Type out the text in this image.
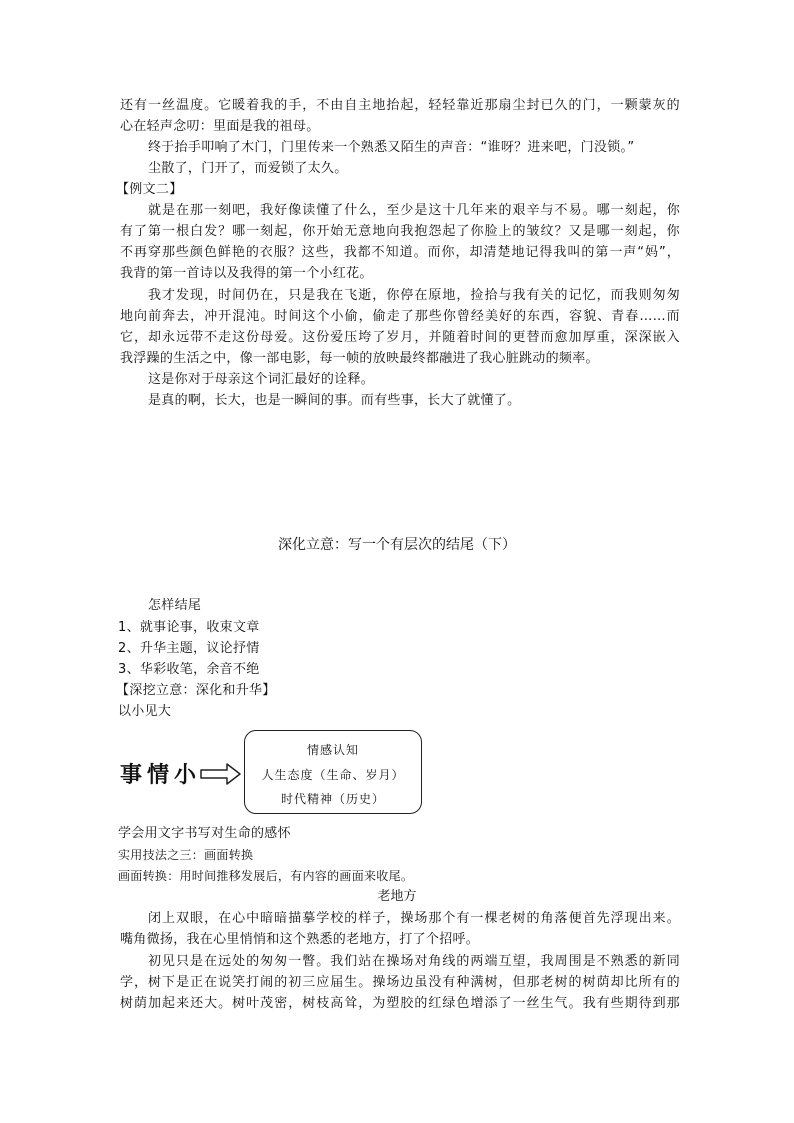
还有一丝温度。它暖着我的手，不由自主地抬起，轻轻靠近那扇尘封已久的门，一颗蒙灰的
心在轻声念叨：里面是我的祖母。
终于抬手叩响了木门，门里传来一个熟悉又陌生的声音：“谁呀？进来吧，门没锁。”
尘散了，门开了，而爱锁了太久。
【例文二】
就是在那一刻吧，我好像读懂了什么，至少是这十几年来的艰辛与不易。哪一刻起，你
有了第一根白发？哪一刻起，你开始无意地向我抱怨起了你脸上的皱纹？又是哪一刻起，你
不再穿那些颜色鲜艳的衣服？这些，我都不知道。而你，却清楚地记得我叫的第一声“妈”，
我背的第一首诗以及我得的第一个小红花。
我才发现，时间仍在，只是我在飞逝，你停在原地，捡拾与我有关的记忆，而我则匆匆
地向前奔去，冲开混沌。时间这个小偷，偷走了那些你曾经美好的东西，容貌、青春……而
它，却永远带不走这份母爱。这份爱压垮了岁月，并随着时间的更替而愈加厚重，深深嵌入
我浮躁的生活之中，像一部电影，每一帧的放映最终都融进了我心脏跳动的频率。
这是你对于母亲这个词汇最好的诠释。
是真的啊，长大，也是一瞬间的事。而有些事，长大了就懂了。
深化立意：写一个有层次的结尾（下）
怎样结尾
1、就事论事，收束文章
2、升华主题，议论抒情
3、华彩收笔，余音不绝
【深挖立意：深化和升华】
以小见大
事情小
情感认知
人生态度（生命、岁月）
时代精神（历史）
学会用文字书写对生命的感怀
实用技法之三：画面转换
画面转换：用时间推移发展后，有内容的画面来收尾。
老地方
闭上双眼，在心中暗暗描摹学校的样子，操场那个有一棵老树的角落便首先浮现出来。
嘴角微扬，我在心里悄悄和这个熟悉的老地方，打了个招呼。
初见只是在远处的匆匆一瞥。我们站在操场对角线的两端互望，我周围是不熟悉的新同
学，树下是正在说笑打闹的初三应届生。操场边虽没有种满树，但那老树的树荫却比所有的
树荫加起来还大。树叶茂密，树枝高耸，为塑胶的红绿色增添了一丝生气。我有些期待到那
